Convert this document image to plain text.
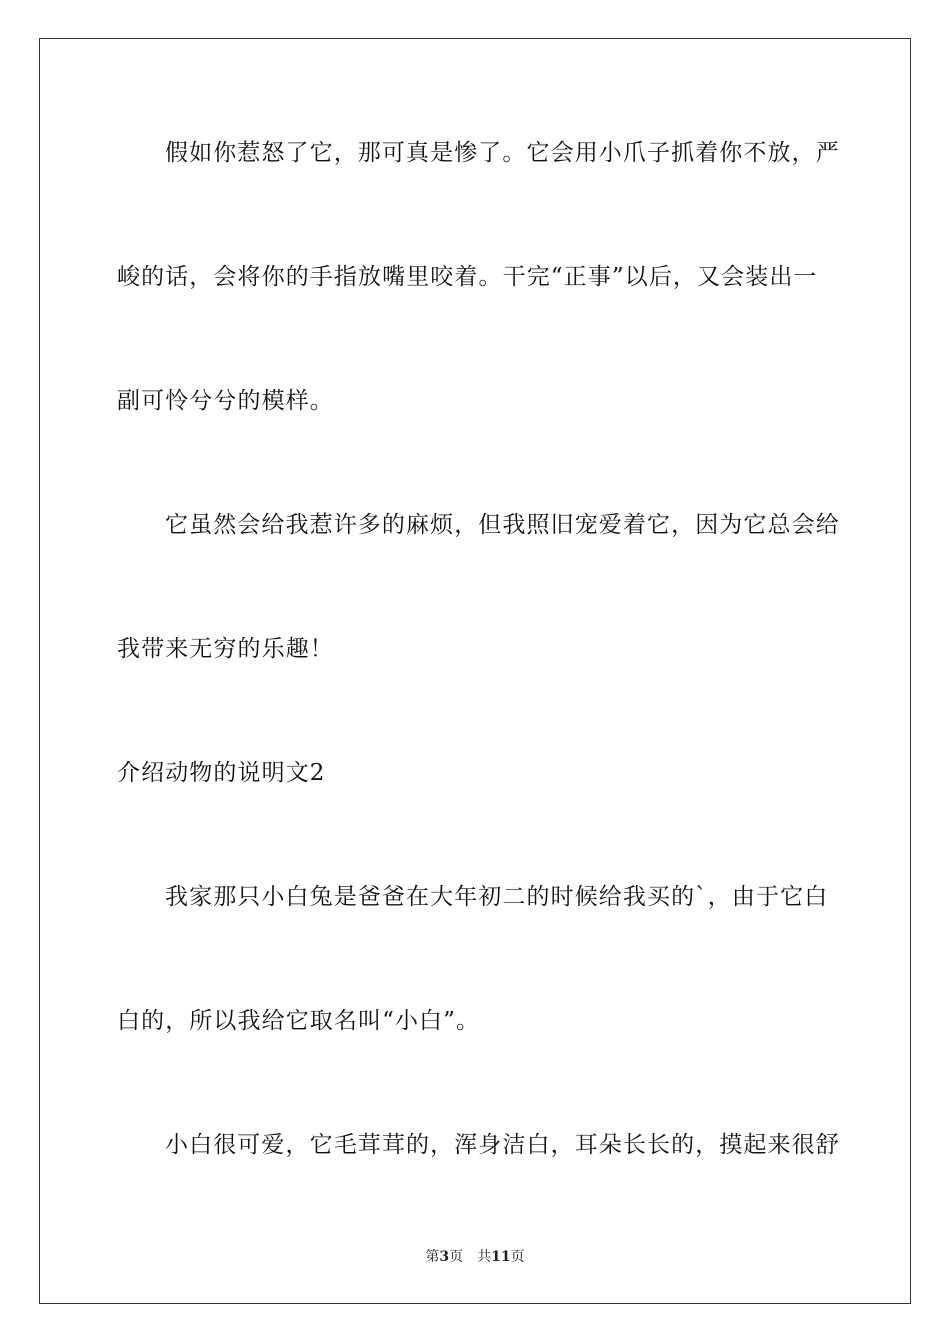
假如你惹怒了它，那可真是惨了。它会用小爪子抓着你不放，严
峻的话，会将你的手指放嘴里咬着。干完“正事”以后，又会装出一
副可怜兮兮的模样。
它虽然会给我惹许多的麻烦，但我照旧宠爱着它，因为它总会给
我带来无穷的乐趣！
介绍动物的说明文2
我家那只小白兔是爸爸在大年初二的时候给我买的`，由于它白
白的，所以我给它取名叫“小白”。
小白很可爱，它毛茸茸的，浑身洁白，耳朵长长的，摸起来很舒
第3页 共11页
